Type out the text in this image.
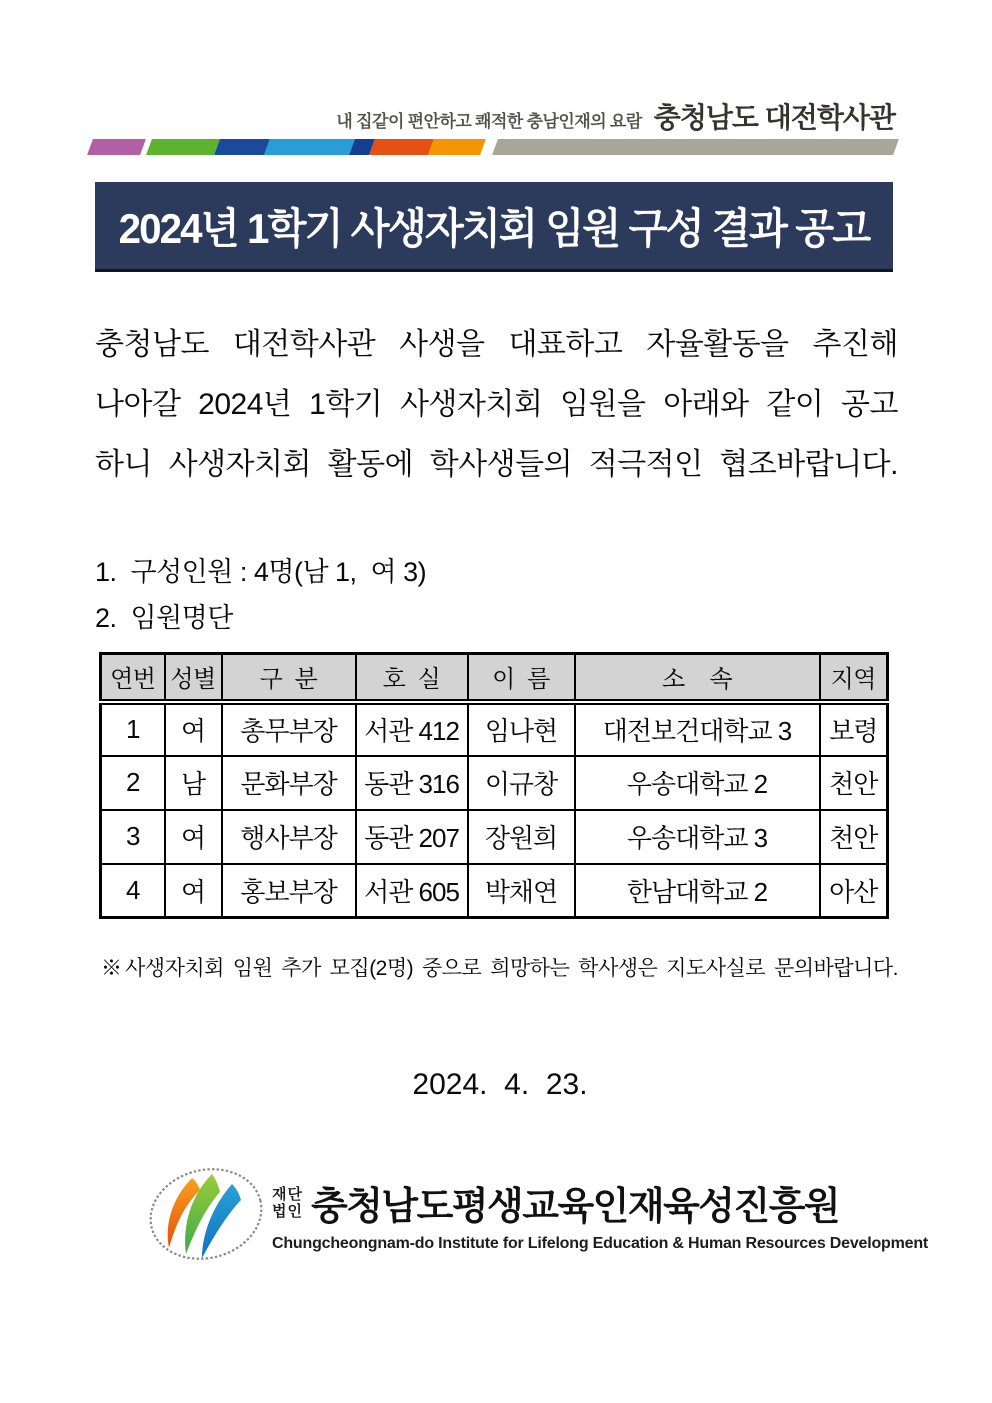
내 집같이 편안하고 쾌적한 충남인재의 요람 충청남도 대전학사관
2024년 1학기 사생자치회 임원 구성 결과 공고
충청남도 대전학사관 사생을 대표하고 자율활동을 추진해
나아갈 2024년 1학기 사생자치회 임원을 아래와 같이 공고
하니 사생자치회 활동에 학사생들의 적극적인 협조바랍니다.
1.  구성인원 : 4명(남 1,  여 3)
2.  임원명단
연번	성별	구  분	호  실	이  름	소    속	지역
1	여	총무부장	서관 412	임나현	대전보건대학교 3	보령
2	남	문화부장	동관 316	이규창	우송대학교 2	천안
3	여	행사부장	동관 207	장원희	우송대학교 3	천안
4	여	홍보부장	서관 605	박채연	한남대학교 2	아산
※사생자치회 임원 추가 모집(2명) 중으로 희망하는 학사생은 지도사실로 문의바랍니다.
2024.  4.  23.
재단
법인 충청남도평생교육인재육성진흥원
Chungcheongnam-do Institute for Lifelong Education & Human Resources Development
